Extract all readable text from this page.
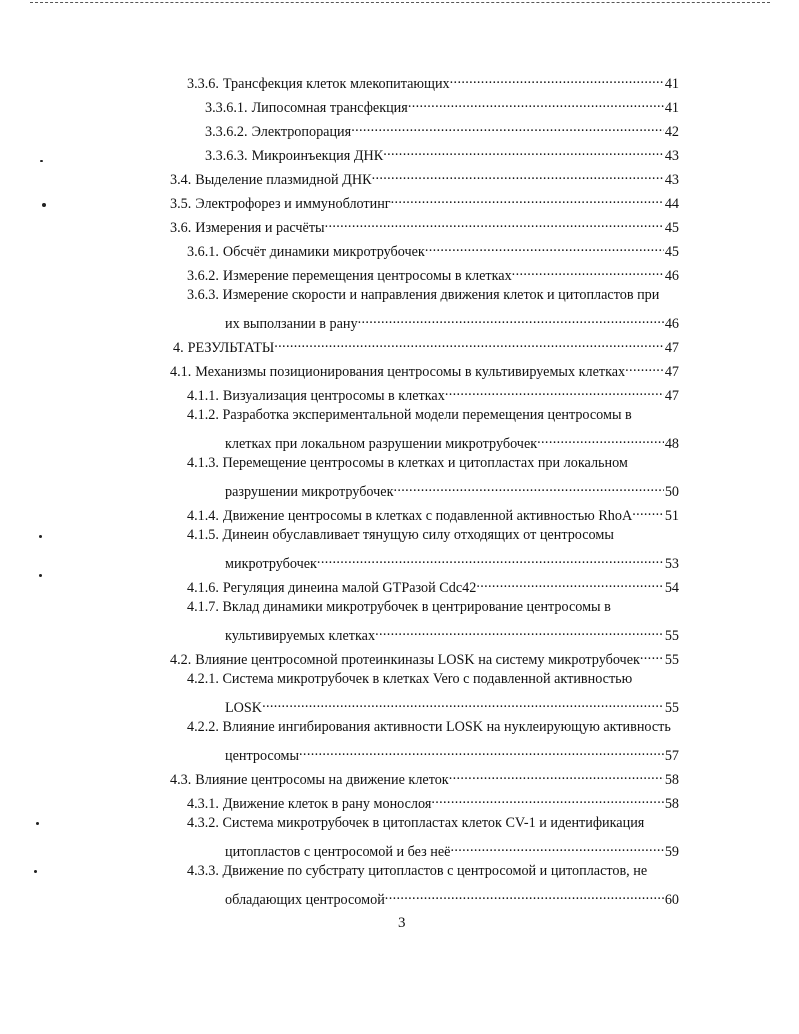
3.3.6. Трансфекция клеток млекопитающих . . .	41
3.3.6.1. Липосомная трансфекция . . .	41
3.3.6.2. Электропорация . . .	42
3.3.6.3. Микроинъекция ДНК . . .	43
3.4. Выделение плазмидной ДНК . . .	43
3.5. Электрофорез и иммуноблотинг . . .	44
3.6. Измерения и расчёты . . .	45
3.6.1. Обсчёт динамики микротрубочек . . .	45
3.6.2. Измерение перемещения центросомы в клетках . . .	46
3.6.3. Измерение скорости и направления движения клеток и цитопластов при
их выползании в рану . . .	46
4. РЕЗУЛЬТАТЫ . . .	47
4.1. Механизмы позиционирования центросомы в культивируемых клетках . . .	47
4.1.1. Визуализация центросомы в клетках . . .	47
4.1.2. Разработка экспериментальной модели перемещения центросомы в
клетках при локальном разрушении микротрубочек . . .	48
4.1.3. Перемещение центросомы в клетках и цитопластах при локальном
разрушении микротрубочек . . .	50
4.1.4. Движение центросомы в клетках с подавленной активностью RhoA . . . 51
4.1.5. Динеин обуславливает тянущую силу отходящих от центросомы
микротрубочек . . .	53
4.1.6. Регуляция динеина малой GTPазой Cdc42 . . .	54
4.1.7. Вклад динамики микротрубочек в центрирование центросомы в
культивируемых клетках . . .	55
4.2. Влияние центросомной протеинкиназы LOSK на систему микротрубочек . . . 55
4.2.1. Система микротрубочек в клетках Vero с подавленной активностью
LOSK . . .	55
4.2.2. Влияние ингибирования активности LOSK на нуклеирующую активность
центросомы . . .	57
4.3. Влияние центросомы на движение клеток . . .	58
4.3.1. Движение клеток в рану монослоя . . .	58
4.3.2. Система микротрубочек в цитопластах клеток CV-1 и идентификация
цитопластов с центросомой и без неё . . .	59
4.3.3. Движение по субстрату цитопластов с центросомой и цитопластов, не
обладающих центросомой . . .	60
3
